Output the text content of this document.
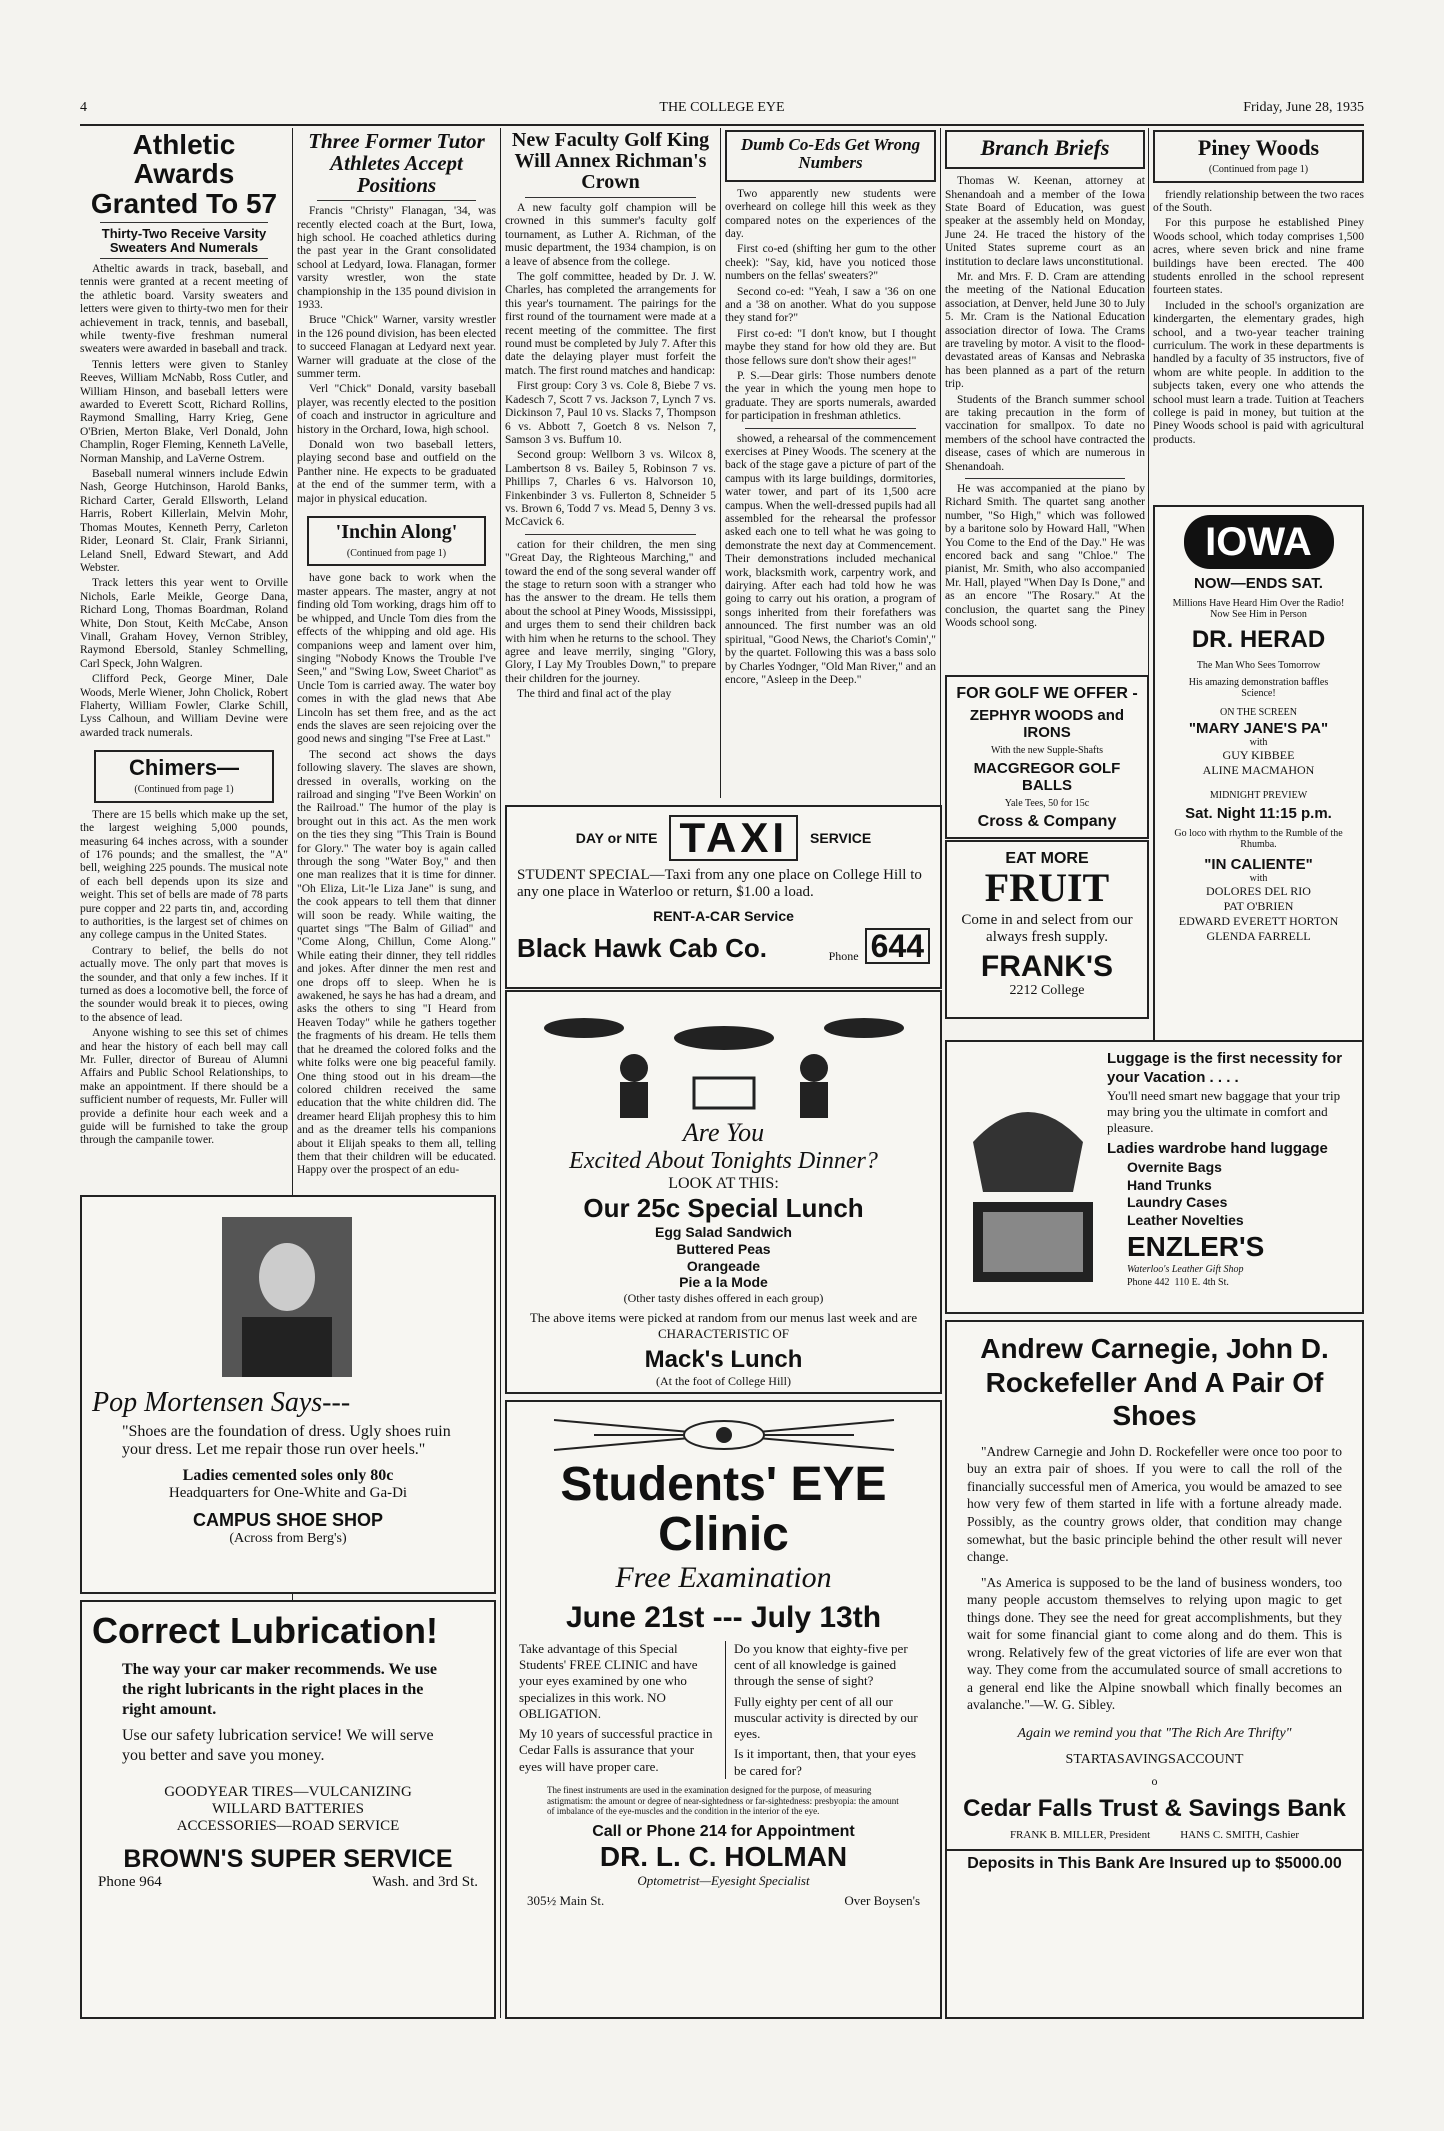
4	THE COLLEGE EYE	Friday, June 28, 1935
Athletic Awards Granted To 57
Thirty-Two Receive Varsity Sweaters And Numerals

Atheltic awards in track, baseball, and tennis were granted at a recent meeting of the athletic board. Varsity sweaters and letters were given to thirty-two men for their achievement in track, tennis, and baseball, while twenty-five freshman numeral sweaters were awarded in baseball and track.

Tennis letters were given to Stanley Reeves, William McNabb, Ross Cutler, and William Hinson, and baseball letters were awarded to Everett Scott, Richard Rollins, Raymond Smalling, Harry Krieg, Gene O'Brien, Merton Blake, Verl Donald, John Champlin, Roger Fleming, Kenneth LaVelle, Norman Manship, and LaVerne Ostrem.

Baseball numeral winners include Edwin Nash, George Hutchinson, Harold Banks, Richard Carter, Gerald Ellsworth, Leland Harris, Robert Killerlain, Melvin Mohr, Thomas Moutes, Kenneth Perry, Carleton Rider, Leonard St. Clair, Frank Sirianni, Leland Snell, Edward Stewart, and Add Webster.

Track letters this year went to Orville Nichols, Earle Meikle, George Dana, Richard Long, Thomas Boardman, Roland White, Don Stout, Keith McCabe, Anson Vinall, Graham Hovey, Vernon Stribley, Raymond Ebersold, Stanley Schmelling, Carl Speck, John Walgren.

Clifford Peck, George Miner, Dale Woods, Merle Wiener, John Cholick, Robert Flaherty, William Fowler, Clarke Schill, Lyss Calhoun, and William Devine were awarded track numerals.

Chimers—
(Continued from page 1)

There are 15 bells which make up the set, the largest weighing 5,000 pounds, measuring 64 inches across, with a sounder of 176 pounds; and the smallest, the "A" bell, weighing 225 pounds. The musical note of each bell depends upon its size and weight. This set of bells are made of 78 parts pure copper and 22 parts tin, and, according to authorities, is the largest set of chimes on any college campus in the United States.

Contrary to belief, the bells do not actually move. The only part that moves is the sounder, and that only a few inches. If it turned as does a locomotive bell, the force of the sounder would break it to pieces, owing to the absence of lead.

Anyone wishing to see this set of chimes and hear the history of each bell may call Mr. Fuller, director of Bureau of Alumni Affairs and Public School Relationships, to make an appointment. If there should be a sufficient number of requests, Mr. Fuller will provide a definite hour each week and a guide will be furnished to take the group through the campanile tower.

Three Former Tutor Athletes Accept Positions

Francis "Christy" Flanagan, '34, was recently elected coach at the Burt, Iowa, high school. He coached athletics during the past year in the Grant consolidated school at Ledyard, Iowa. Flanagan, former varsity wrestler, won the state championship in the 135 pound division in 1933.

Bruce "Chick" Warner, varsity wrestler in the 126 pound division, has been elected to succeed Flanagan at Ledyard next year. Warner will graduate at the close of the summer term.

Verl "Chick" Donald, varsity baseball player, was recently elected to the position of coach and instructor in agriculture and history in the Orchard, Iowa, high school.

Donald won two baseball letters, playing second base and outfield on the Panther nine. He expects to be graduated at the end of the summer term, with a major in physical education.

'Inchin Along'
(Continued from page 1)

have gone back to work when the master appears. The master, angry at not finding old Tom working, drags him off to be whipped, and Uncle Tom dies from the effects of the whipping and old age. His companions weep and lament over him, singing "Nobody Knows the Trouble I've Seen," and "Swing Low, Sweet Chariot" as Uncle Tom is carried away. The water boy comes in with the glad news that Abe Lincoln has set them free, and as the act ends the slaves are seen rejoicing over the good news and singing "I'se Free at Last."

The second act shows the days following slavery. The slaves are shown, dressed in overalls, working on the railroad and singing "I've Been Workin' on the Railroad." The humor of the play is brought out in this act. As the men work on the ties they sing "This Train is Bound for Glory." The water boy is again called through the song "Water Boy," and then one man realizes that it is time for dinner. "Oh Eliza, Lit-'le Liza Jane" is sung, and the cook appears to tell them that dinner will soon be ready. While waiting, the quartet sings "The Balm of Giliad" and "Come Along, Chillun, Come Along." While eating their dinner, they tell riddles and jokes. After dinner the men rest and one drops off to sleep. When he is awakened, he says he has had a dream, and asks the others to sing "I Heard from Heaven Today" while he gathers together the fragments of his dream. He tells them that he dreamed the colored folks and the white folks were one big peaceful family. One thing stood out in his dream—the colored children received the same education that the white children did. The dreamer heard Elijah prophesy this to him and as the dreamer tells his companions about it Elijah speaks to them all, telling them that their children will be educated. Happy over the prospect of an edu-

New Faculty Golf King Will Annex Richman's Crown

A new faculty golf champion will be crowned in this summer's faculty golf tournament, as Luther A. Richman, of the music department, the 1934 champion, is on a leave of absence from the college.

The golf committee, headed by Dr. J. W. Charles, has completed the arrangements for this year's tournament. The pairings for the first round of the tournament were made at a recent meeting of the committee. The first round must be completed by July 7. After this date the delaying player must forfeit the match. The first round matches and handicap:

First group: Cory 3 vs. Cole 8, Biebe 7 vs. Kadesch 7, Scott 7 vs. Jackson 7, Lynch 7 vs. Dickinson 7, Paul 10 vs. Slacks 7, Thompson 6 vs. Abbott 7, Goetch 8 vs. Nelson 7, Samson 3 vs. Buffum 10.

Second group: Wellborn 3 vs. Wilcox 8, Lambertson 8 vs. Bailey 5, Robinson 7 vs. Phillips 7, Charles 6 vs. Halvorson 10, Finkenbinder 3 vs. Fullerton 8, Schneider 5 vs. Brown 6, Todd 7 vs. Mead 5, Denny 3 vs. McCavick 6.

cation for their children, the men sing "Great Day, the Righteous Marching," and toward the end of the song several wander off the stage to return soon with a stranger who has the answer to the dream. He tells them about the school at Piney Woods, Mississippi, and urges them to send their children back with him when he returns to the school. They agree and leave merrily, singing "Glory, Glory, I Lay My Troubles Down," to prepare their children for the journey.

The third and final act of the play

Dumb Co-Eds Get Wrong Numbers

Two apparently new students were overheard on college hill this week as they compared notes on the experiences of the day.

First co-ed (shifting her gum to the other cheek): "Say, kid, have you noticed those numbers on the fellas' sweaters?"

Second co-ed: "Yeah, I saw a '36 on one and a '38 on another. What do you suppose they stand for?"

First co-ed: "I don't know, but I thought maybe they stand for how old they are. But those fellows sure don't show their ages!"

P. S.—Dear girls: Those numbers denote the year in which the young men hope to graduate. They are sports numerals, awarded for participation in freshman athletics.

showed, a rehearsal of the commencement exercises at Piney Woods. The scenery at the back of the stage gave a picture of part of the campus with its large buildings, dormitories, water tower, and part of its 1,500 acre campus. When the well-dressed pupils had all assembled for the rehearsal the professor asked each one to tell what he was going to demonstrate the next day at Commencement. Their demonstrations included mechanical work, blacksmith work, carpentry work, and dairying. After each had told how he was going to carry out his oration, a program of songs inherited from their forefathers was announced. The first number was an old spiritual, "Good News, the Chariot's Comin'," by the quartet. Following this was a bass solo by Charles Yodnger, "Old Man River," and an encore, "Asleep in the Deep."

Branch Briefs

Thomas W. Keenan, attorney at Shenandoah and a member of the Iowa State Board of Education, was guest speaker at the assembly held on Monday, June 24. He traced the history of the United States supreme court as an institution to declare laws unconstitutional.

Mr. and Mrs. F. D. Cram are attending the meeting of the National Education association, at Denver, held June 30 to July 5. Mr. Cram is the National Education association director of Iowa. The Crams are traveling by motor. A visit to the flood-devastated areas of Kansas and Nebraska has been planned as a part of the return trip.

Students of the Branch summer school are taking precaution in the form of vaccination for smallpox. To date no members of the school have contracted the disease, cases of which are numerous in Shenandoah.

He was accompanied at the piano by Richard Smith. The quartet sang another number, "So High," which was followed by a baritone solo by Howard Hall, "When You Come to the End of the Day." He was encored back and sang "Chloe." The pianist, Mr. Smith, who also accompanied Mr. Hall, played "When Day Is Done," and as an encore "The Rosary." At the conclusion, the quartet sang the Piney Woods school song.

Piney Woods
(Continued from page 1)

friendly relationship between the two races of the South.

For this purpose he established Piney Woods school, which today comprises 1,500 acres, where seven brick and nine frame buildings have been erected. The 400 students enrolled in the school represent fourteen states.

Included in the school's organization are kindergarten, the elementary grades, high school, and a two-year teacher training curriculum. The work in these departments is handled by a faculty of 35 instructors, five of whom are white people. In addition to the subjects taken, every one who attends the school must learn a trade. Tuition at Teachers college is paid in money, but tuition at the Piney Woods school is paid with agricultural products.

IOWA
NOW—ENDS SAT.
Millions Have Heard Him Over the Radio! Now See Him in Person
DR. HERAD
The Man Who Sees Tomorrow
His amazing demonstration baffles Science!
ON THE SCREEN
"MARY JANE'S PA"
with
GUY KIBBEE
ALINE MACMAHON
MIDNIGHT PREVIEW
Sat. Night 11:15 p.m.
Go loco with rhythm to the Rumble of the Rhumba.
"IN CALIENTE"
with
DOLORES DEL RIO
PAT O'BRIEN
EDWARD EVERETT HORTON
GLENDA FARRELL
FOR GOLF WE OFFER -
ZEPHYR WOODS and IRONS
With the new Supple-Shafts
MACGREGOR GOLF BALLS
Yale Tees, 50 for 15c
Cross & Company
EAT MORE
FRUIT
Come in and select from our always fresh supply.
FRANK'S
2212 College
DAY or NITE TAXI	SERVICE
STUDENT SPECIAL—Taxi from any one place on College Hill to any one place in Waterloo or return, $1.00 a load.
RENT-A-CAR Service
Black Hawk Cab Co.	Phone 644
Are You
Excited About Tonights Dinner?
LOOK AT THIS:
Our 25c Special Lunch
Egg Salad Sandwich
Buttered Peas
Orangeade
Pie a la Mode
(Other tasty dishes offered in each group)
The above items were picked at random from our menus last week and are CHARACTERISTIC OF
Mack's Lunch
(At the foot of College Hill)
Luggage is the first necessity for your Vacation . . . .
You'll need smart new baggage that your trip may bring you the ultimate in comfort and pleasure.
Ladies wardrobe hand luggage
Overnite Bags
Hand Trunks
Laundry Cases
Leather Novelties
ENZLER'S
Waterloo's Leather Gift Shop
Phone 442 110 E. 4th St.
Pop Mortensen Says---
"Shoes are the foundation of dress. Ugly shoes ruin your dress. Let me repair those run over heels."
Ladies cemented soles only 80c
Headquarters for One-White and Ga-Di
CAMPUS SHOE SHOP
(Across from Berg's)
Correct Lubrication!
The way your car maker recommends. We use the right lubricants in the right places in the right amount.
Use our safety lubrication service! We will serve you better and save you money.
GOODYEAR TIRES—VULCANIZING
WILLARD BATTERIES
ACCESSORIES—ROAD SERVICE
BROWN'S SUPER SERVICE
Phone 964	Wash. and 3rd St.
Students' EYE Clinic
Free Examination
June 21st --- July 13th
Take advantage of this Special Students' FREE CLINIC and have your eyes examined by one who specializes in this work. NO OBLIGATION.
My 10 years of successful practice in Cedar Falls is assurance that your eyes will have proper care.
Do you know that eighty-five per cent of all knowledge is gained through the sense of sight?
Fully eighty per cent of all our muscular activity is directed by our eyes.
Is it important, then, that your eyes be cared for?
The finest instruments are used in the examination designed for the purpose, of measuring astigmatism: the amount or degree of near-sightedness or far-sightedness: presbyopia: the amount of imbalance of the eye-muscles and the condition in the interior of the eye.
Call or Phone 214 for Appointment
DR. L. C. HOLMAN
Optometrist—Eyesight Specialist
305½ Main St.	Over Boysen's
Andrew Carnegie, John D. Rockefeller And A Pair Of Shoes
"Andrew Carnegie and John D. Rockefeller were once too poor to buy an extra pair of shoes. If you were to call the roll of the financially successful men of America, you would be amazed to see how very few of them started in life with a fortune already made. Possibly, as the country grows older, that condition may change somewhat, but the basic principle behind the other result will never change.
"As America is supposed to be the land of business wonders, too many people accustom themselves to relying upon magic to get things done. They see the need for great accomplishments, but they wait for some financial giant to come along and do them. This is wrong. Relatively few of the great victories of life are ever won that way. They come from the accumulated source of small accretions to a general end like the Alpine snowball which finally becomes an avalanche."—W. G. Sibley.
Again we remind you that "The Rich Are Thrifty"
STARTASAVINGSACCOUNT
o
Cedar Falls Trust & Savings Bank
FRANK B. MILLER, President	HANS C. SMITH, Cashier
Deposits in This Bank Are Insured up to $5000.00
